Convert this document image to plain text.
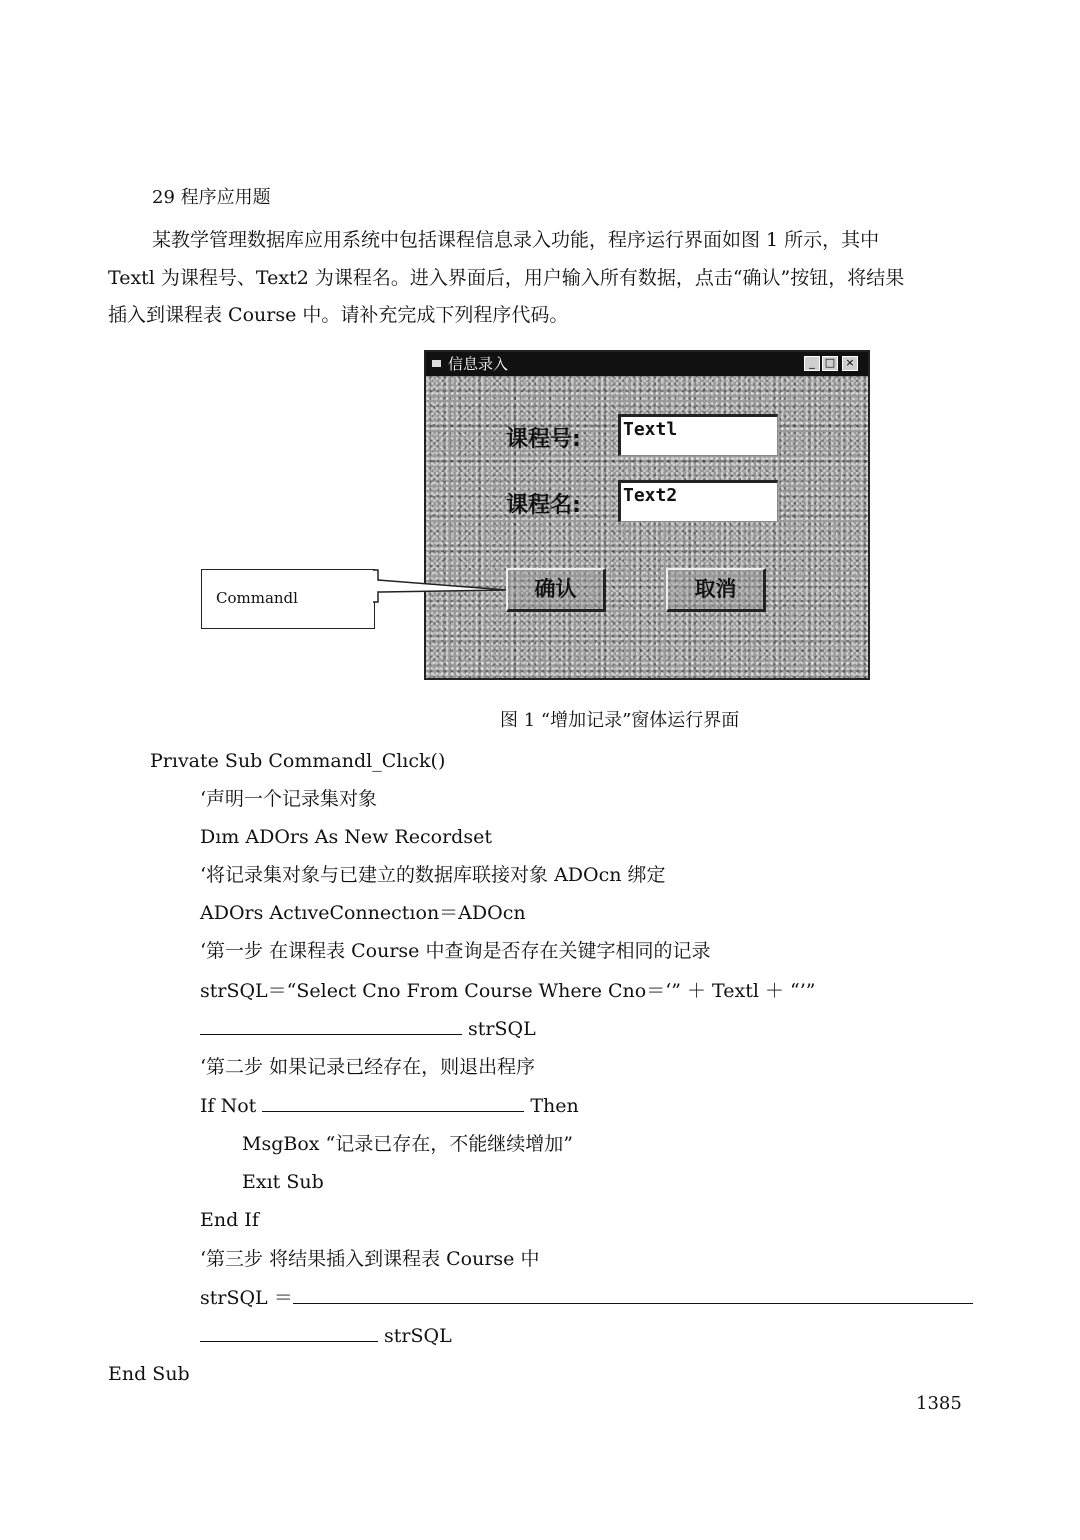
29 程序应用题
某教学管理数据库应用系统中包括课程信息录入功能，程序运行界面如图 1 所示，其中
Textl 为课程号、Text2 为课程名。进入界面后，用户输入所有数据，点击“确认”按钮，将结果
插入到课程表 Course 中。请补充完成下列程序代码。
信息录入	_ □ ×
课程号: Textl
课程名: Text2
确认	取消
Commandl
图 1 “增加记录”窗体运行界面
Prıvate Sub Commandl_Clıck()
‘声明一个记录集对象
Dım ADOrs As New Recordset
‘将记录集对象与已建立的数据库联接对象 ADOcn 绑定
ADOrs ActıveConnectıon＝ADOcn
‘第一步 在课程表 Course 中查询是否存在关键字相同的记录
strSQL＝“Select Cno From Course Where Cno＝‘” ＋ Textl ＋ “’”
strSQL
‘第二步 如果记录已经存在，则退出程序
If Not	Then
MsgBox “记录已存在，不能继续增加”
Exıt Sub
End If
‘第三步 将结果插入到课程表 Course 中
strSQL ＝
strSQL
End Sub
1385
